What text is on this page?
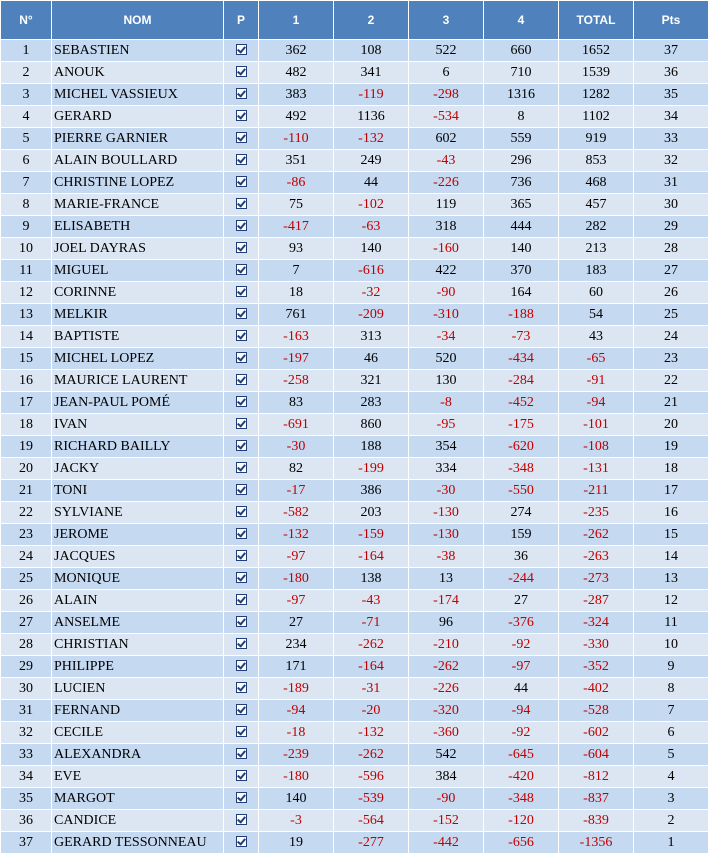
N°	NOM	P	1	2	3	4	TOTAL	Pts
1	SEBASTIEN		362	108	522	660	1652	37
2	ANOUK		482	341	6	710	1539	36
3	MICHEL VASSIEUX		383	-119	-298	1316	1282	35
4	GERARD		492	1136	-534	8	1102	34
5	PIERRE GARNIER		-110	-132	602	559	919	33
6	ALAIN BOULLARD		351	249	-43	296	853	32
7	CHRISTINE LOPEZ		-86	44	-226	736	468	31
8	MARIE-FRANCE		75	-102	119	365	457	30
9	ELISABETH		-417	-63	318	444	282	29
10	JOEL DAYRAS		93	140	-160	140	213	28
11	MIGUEL		7	-616	422	370	183	27
12	CORINNE		18	-32	-90	164	60	26
13	MELKIR		761	-209	-310	-188	54	25
14	BAPTISTE		-163	313	-34	-73	43	24
15	MICHEL LOPEZ		-197	46	520	-434	-65	23
16	MAURICE LAURENT		-258	321	130	-284	-91	22
17	JEAN-PAUL POMÉ		83	283	-8	-452	-94	21
18	IVAN		-691	860	-95	-175	-101	20
19	RICHARD BAILLY		-30	188	354	-620	-108	19
20	JACKY		82	-199	334	-348	-131	18
21	TONI		-17	386	-30	-550	-211	17
22	SYLVIANE		-582	203	-130	274	-235	16
23	JEROME		-132	-159	-130	159	-262	15
24	JACQUES		-97	-164	-38	36	-263	14
25	MONIQUE		-180	138	13	-244	-273	13
26	ALAIN		-97	-43	-174	27	-287	12
27	ANSELME		27	-71	96	-376	-324	11
28	CHRISTIAN		234	-262	-210	-92	-330	10
29	PHILIPPE		171	-164	-262	-97	-352	9
30	LUCIEN		-189	-31	-226	44	-402	8
31	FERNAND		-94	-20	-320	-94	-528	7
32	CECILE		-18	-132	-360	-92	-602	6
33	ALEXANDRA		-239	-262	542	-645	-604	5
34	EVE		-180	-596	384	-420	-812	4
35	MARGOT		140	-539	-90	-348	-837	3
36	CANDICE		-3	-564	-152	-120	-839	2
37	GERARD TESSONNEAU		19	-277	-442	-656	-1356	1
